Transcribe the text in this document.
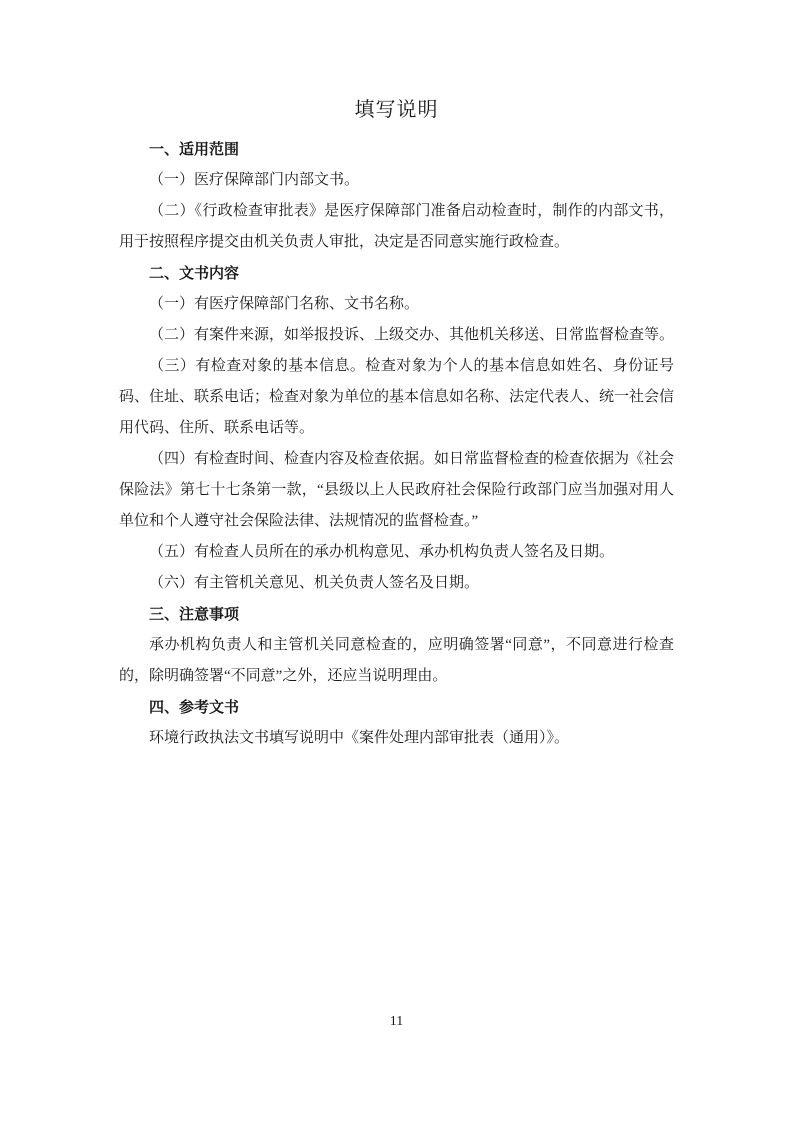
填写说明
一、适用范围

（一）医疗保障部门内部文书。

（二）《行政检查审批表》是医疗保障部门准备启动检查时，制作的内部文书，用于按照程序提交由机关负责人审批，决定是否同意实施行政检查。

二、文书内容

（一）有医疗保障部门名称、文书名称。

（二）有案件来源，如举报投诉、上级交办、其他机关移送、日常监督检查等。

（三）有检查对象的基本信息。检查对象为个人的基本信息如姓名、身份证号码、住址、联系电话；检查对象为单位的基本信息如名称、法定代表人、统一社会信用代码、住所、联系电话等。

（四）有检查时间、检查内容及检查依据。如日常监督检查的检查依据为《社会保险法》第七十七条第一款，“县级以上人民政府社会保险行政部门应当加强对用人单位和个人遵守社会保险法律、法规情况的监督检查。”

（五）有检查人员所在的承办机构意见、承办机构负责人签名及日期。

（六）有主管机关意见、机关负责人签名及日期。

三、注意事项

承办机构负责人和主管机关同意检查的，应明确签署“同意”，不同意进行检查的，除明确签署“不同意”之外，还应当说明理由。

四、参考文书

环境行政执法文书填写说明中《案件处理内部审批表（通用）》。

11
